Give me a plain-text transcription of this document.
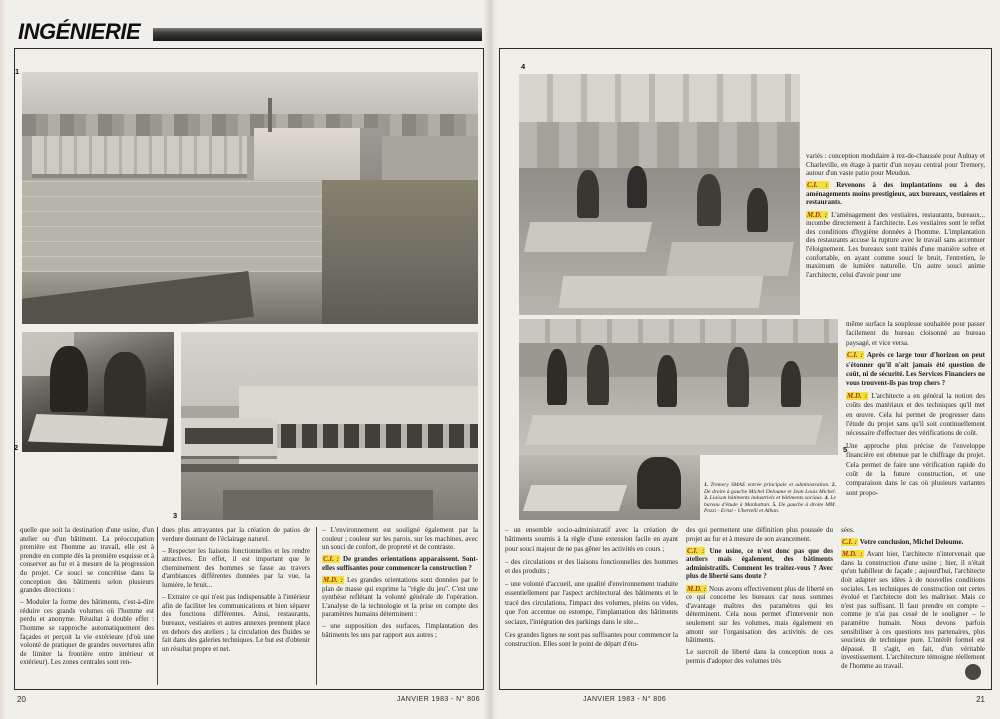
INGÉNIERIE
1
2
3
4
5
1. Tremery SMAE entrée principale et administration. 2. De droite à gauche Michel Deloume et Jean Louis Michel. 3. Liaison bâtiments industriels et bâtiments sociaux. 4. Le bureau d'étude à Manhattan. 5. De gauche à droite MM. Pozzi - Ernst - Ubertelli et Alban.

quelle que soit la destination d'une usine, d'un atelier ou d'un bâtiment. La préoccupation première est l'homme au travail, elle est à prendre en compte dès la première esquisse et à conserver au fur et à mesure de la progression du projet. Ce souci se concrétise dans la conception des bâtiments selon plusieurs grandes directions :

– Moduler la forme des bâtiments, c'est-à-dire réduire ces grands volumes où l'homme est perdu et anonyme. Résultat à double effet : l'homme se rapproche automatiquement des façades et perçoit la vie extérieure (d'où une volonté de pratiquer de grandes ouvertures afin de limiter la frontière entre intérieur et extérieur). Les zones centrales sont ren-

dues plus attrayantes par la création de patios de verdure donnant de l'éclairage naturel.

– Respecter les liaisons fonctionnelles et les rendre attractives. En effet, il est important que le cheminement des hommes se fasse au travers d'ambiances différentes données par la vue, la lumière, le bruit...

– Extraire ce qui n'est pas indispensable à l'intérieur afin de faciliter les communications et bien séparer des fonctions différentes. Ainsi, restaurants, bureaux, vestiaires et autres annexes prennent place en dehors des ateliers ; la circulation des fluides se fait dans des galeries techniques. Le but est d'obtenir un résultat propre et net.

– L'environnement est souligné également par la couleur ; couleur sur les parois, sur les machines, avec un souci de confort, de propreté et de contraste.

C.I. : De grandes orientations apparaissent. Sont-elles suffisantes pour commencer la construction ?

M.D. : Les grandes orientations sont données par le plan de masse qui exprime la "règle du jeu". C'est une synthèse reflétant la volonté générale de l'opération. L'analyse de la technologie et la prise en compte des paramètres humains déterminent :

– une supposition des surfaces, l'implantation des bâtiments les uns par rapport aux autres ;

variés : conception modulaire à rez-de-chaussée pour Aulnay et Charleville, en étage à partir d'un noyau central pour Tremery, autour d'un vaste patio pour Meudon.

C.I. : Revenons à des implantations ou à des aménagements moins prestigieux, aux bureaux, vestiaires et restaurants.

M.D. : L'aménagement des vestiaires, restaurants, bureaux... incombe directement à l'architecte. Les vestiaires sont le reflet des conditions d'hygiène données à l'homme. L'implantation des restaurants accuse la rupture avec le travail sans accentuer l'éloignement. Les bureaux sont traités d'une manière sobre et confortable, en ayant comme souci le bruit, l'entretien, le maximum de lumière naturelle. Un autre souci anime l'architecte, celui d'avoir pour une

même surface la souplesse souhaitée pour passer facilement du bureau cloisonné au bureau paysagé, et vice versa.

C.I. : Après ce large tour d'horizon on peut s'étonner qu'il n'ait jamais été question de coût, ni de sécurité. Les Services Financiers ne vous trouvent-ils pas trop chers ?

M.D. : L'architecte a en général la notion des coûts des matériaux et des techniques qu'il met en œuvre. Cela lui permet de progresser dans l'étude du projet sans qu'il soit continuellement nécessaire d'effectuer des vérifications de coût.

Une approche plus précise de l'enveloppe financière est obtenue par le chiffrage du projet. Cela permet de faire une vérification rapide du coût de la future construction, et une comparaison dans le cas où plusieurs variantes sont propo-

– un ensemble socio-administratif avec la création de bâtiments soumis à la règle d'une extension facile en ayant pour souci majeur de ne pas gêner les activités en cours ;

– des circulations et des liaisons fonctionnelles des hommes et des produits ;

– une volonté d'accueil, une qualité d'environnement traduite essentiellement par l'aspect architectural des bâtiments et le tracé des circulations, l'impact des volumes, pleins ou vides, que l'on accentue ou estompe, l'implantation des bâtiments sociaux, l'intégration des parkings dans le site...

Ces grandes lignes ne sont pas suffisantes pour commencer la construction. Elles sont le point de départ d'étu-

des qui permettent une définition plus poussée du projet au fur et à mesure de son avancement.

C.I. : Une usine, ce n'est donc pas que des ateliers mais également, des bâtiments administratifs. Comment les traitez-vous ? Avec plus de liberté sans doute ?

M.D. : Nous avons effectivement plus de liberté en ce qui concerne les bureaux car nous sommes d'avantage maîtres des paramètres qui les déterminent. Cela nous permet d'intervenir non seulement sur les volumes, mais également en amont sur l'organisation des activités de ces bâtiments.

Le surcroît de liberté dans la conception nous a permis d'adopter des volumes très

sées.

C.I. : Votre conclusion, Michel Deloume.

M.D. : Avant hier, l'architecte n'intervenait que dans la construction d'une usine ; hier, il n'était qu'un habilleur de façade ; aujourd'hui, l'architecte doit adapter ses idées à de nouvelles conditions sociales. Les techniques de construction ont certes évolué et l'architecte doit les maîtriser. Mais ce n'est pas suffisant. Il faut prendre en compte – comme je n'ai pas cessé de le souligner – le paramètre humain. Nous devons parfois sensibiliser à ces questions nos partenaires, plus soucieux de technique pure. L'intérêt formel est dépassé. Il s'agit, en fait, d'un véritable investissement. L'architecture témoigne réellement de l'homme au travail.

20	JANVIER 1983 - N° 806	JANVIER 1983 - N° 806	21
